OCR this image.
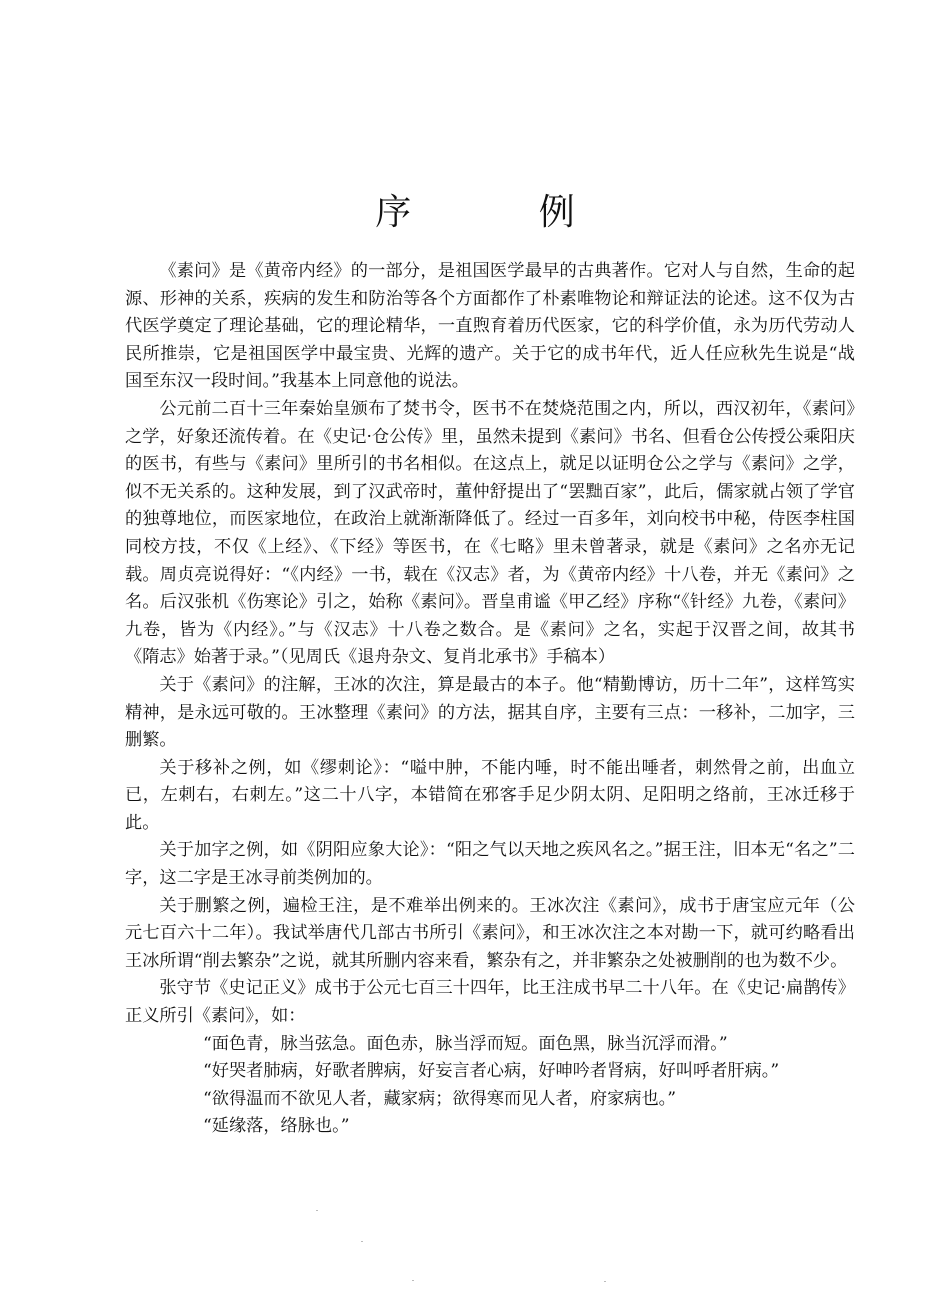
序 例

《素问》是《黄帝内经》的一部分，是祖国医学最早的古典著作。它对人与自然，生命的起源、形神的关系，疾病的发生和防治等各个方面都作了朴素唯物论和辩证法的论述。这不仅为古代医学奠定了理论基础，它的理论精华，一直煦育着历代医家，它的科学价值，永为历代劳动人民所推崇，它是祖国医学中最宝贵、光辉的遗产。关于它的成书年代，近人任应秋先生说是“战国至东汉一段时间。”我基本上同意他的说法。

公元前二百十三年秦始皇颁布了焚书令，医书不在焚烧范围之内，所以，西汉初年，《素问》之学，好象还流传着。在《史记·仓公传》里，虽然未提到《素问》书名、但看仓公传授公乘阳庆的医书，有些与《素问》里所引的书名相似。在这点上，就足以证明仓公之学与《素问》之学，似不无关系的。这种发展，到了汉武帝时，董仲舒提出了“罢黜百家”，此后，儒家就占领了学官的独尊地位，而医家地位，在政治上就渐渐降低了。经过一百多年，刘向校书中秘，侍医李柱国同校方技，不仅《上经》、《下经》等医书，在《七略》里未曾著录，就是《素问》之名亦无记载。周贞亮说得好：“《内经》一书，载在《汉志》者，为《黄帝内经》十八卷，并无《素问》之名。后汉张机《伤寒论》引之，始称《素问》。晋皇甫谧《甲乙经》序称“《针经》九卷，《素问》九卷，皆为《内经》。”与《汉志》十八卷之数合。是《素问》之名，实起于汉晋之间，故其书《隋志》始著于录。”（见周氏《退舟杂文、复肖北承书》手稿本）

关于《素问》的注解，王冰的次注，算是最古的本子。他“精勤博访，历十二年”，这样笃实精神，是永远可敬的。王冰整理《素问》的方法，据其自序，主要有三点：一移补，二加字，三删繁。

关于移补之例，如《缪刺论》：“嗌中肿，不能内唾，时不能出唾者，刺然骨之前，出血立已，左刺右，右刺左。”这二十八字，本错简在邪客手足少阴太阴、足阳明之络前，王冰迁移于此。

关于加字之例，如《阴阳应象大论》：“阳之气以天地之疾风名之。”据王注，旧本无“名之”二字，这二字是王冰寻前类例加的。

关于删繁之例，遍检王注，是不难举出例来的。王冰次注《素问》，成书于唐宝应元年（公元七百六十二年）。我试举唐代几部古书所引《素问》，和王冰次注之本对勘一下，就可约略看出王冰所谓“削去繁杂”之说，就其所删内容来看，繁杂有之，并非繁杂之处被删削的也为数不少。

张守节《史记正义》成书于公元七百三十四年，比王注成书早二十八年。在《史记·扁鹊传》正义所引《素问》，如：

“面色青，脉当弦急。面色赤，脉当浮而短。面色黑，脉当沉浮而滑。”

“好哭者肺病，好歌者脾病，好妄言者心病，好呻吟者肾病，好叫呼者肝病。”

“欲得温而不欲见人者，藏家病；欲得寒而见人者，府家病也。”

“延缘落，络脉也。”
